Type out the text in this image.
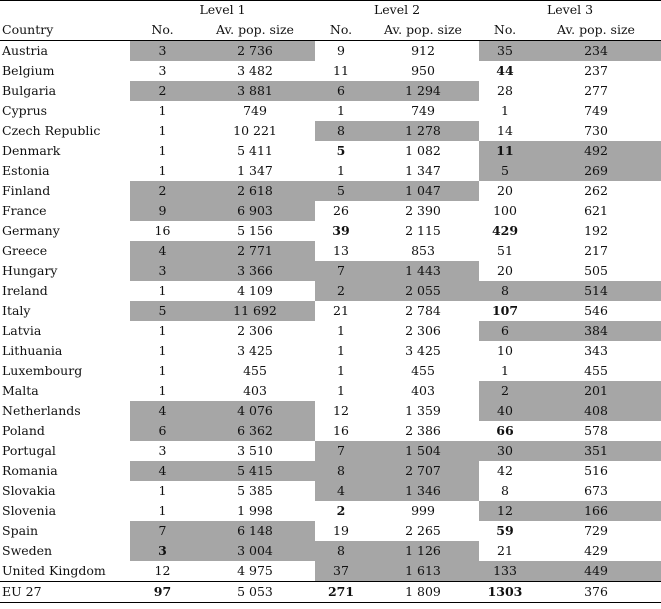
	Level 1		Level 2		Level 3	
Country	No.	Av. pop. size	No.	Av. pop. size	No.	Av. pop. size
Austria	3	2 736	9	912	35	234
Belgium	3	3 482	11	950	44	237
Bulgaria	2	3 881	6	1 294	28	277
Cyprus	1	749	1	749	1	749
Czech Republic	1	10 221	8	1 278	14	730
Denmark	1	5 411	5	1 082	11	492
Estonia	1	1 347	1	1 347	5	269
Finland	2	2 618	5	1 047	20	262
France	9	6 903	26	2 390	100	621
Germany	16	5 156	39	2 115	429	192
Greece	4	2 771	13	853	51	217
Hungary	3	3 366	7	1 443	20	505
Ireland	1	4 109	2	2 055	8	514
Italy	5	11 692	21	2 784	107	546
Latvia	1	2 306	1	2 306	6	384
Lithuania	1	3 425	1	3 425	10	343
Luxembourg	1	455	1	455	1	455
Malta	1	403	1	403	2	201
Netherlands	4	4 076	12	1 359	40	408
Poland	6	6 362	16	2 386	66	578
Portugal	3	3 510	7	1 504	30	351
Romania	4	5 415	8	2 707	42	516
Slovakia	1	5 385	4	1 346	8	673
Slovenia	1	1 998	2	999	12	166
Spain	7	6 148	19	2 265	59	729
Sweden	3	3 004	8	1 126	21	429
United Kingdom	12	4 975	37	1 613	133	449
EU 27	97	5 053	271	1 809	1303	376
